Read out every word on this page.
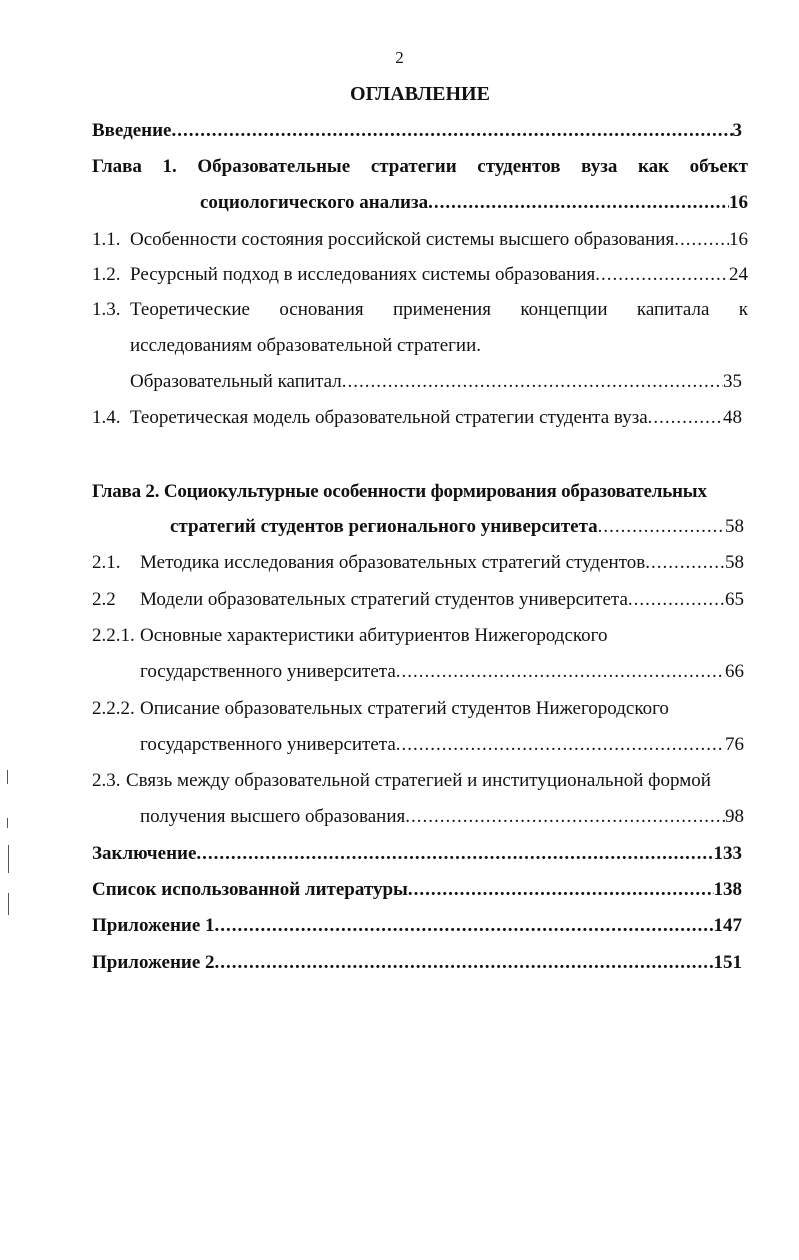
2
ОГЛАВЛЕНИЕ
Введение .....	3
Глава 1. Образовательные стратегии студентов вуза как объект
социологического анализа .....	16
1.1. Особенности состояния российской системы высшего образования .....	16
1.2. Ресурсный подход в исследованиях системы образования .....	24
1.3. Теоретические основания применения концепции капитала к
исследованиям образовательной стратегии.
Образовательный капитал .....	35
1.4. Теоретическая модель образовательной стратегии студента вуза .....	48
Глава 2. Социокультурные особенности формирования образовательных
стратегий студентов регионального университета .....	58
2.1.	Методика исследования образовательных стратегий студентов .....	58
2.2	Модели образовательных стратегий студентов университета .....	65
2.2.1. Основные характеристики абитуриентов Нижегородского
государственного университета .....	66
2.2.2. Описание образовательных стратегий студентов Нижегородского
государственного университета .....	76
2.3. Связь между образовательной стратегией и институциональной формой
получения высшего образования .....	98
Заключение .....	133
Список использованной литературы .....	138
Приложение 1 .....	147
Приложение 2 .....	151
